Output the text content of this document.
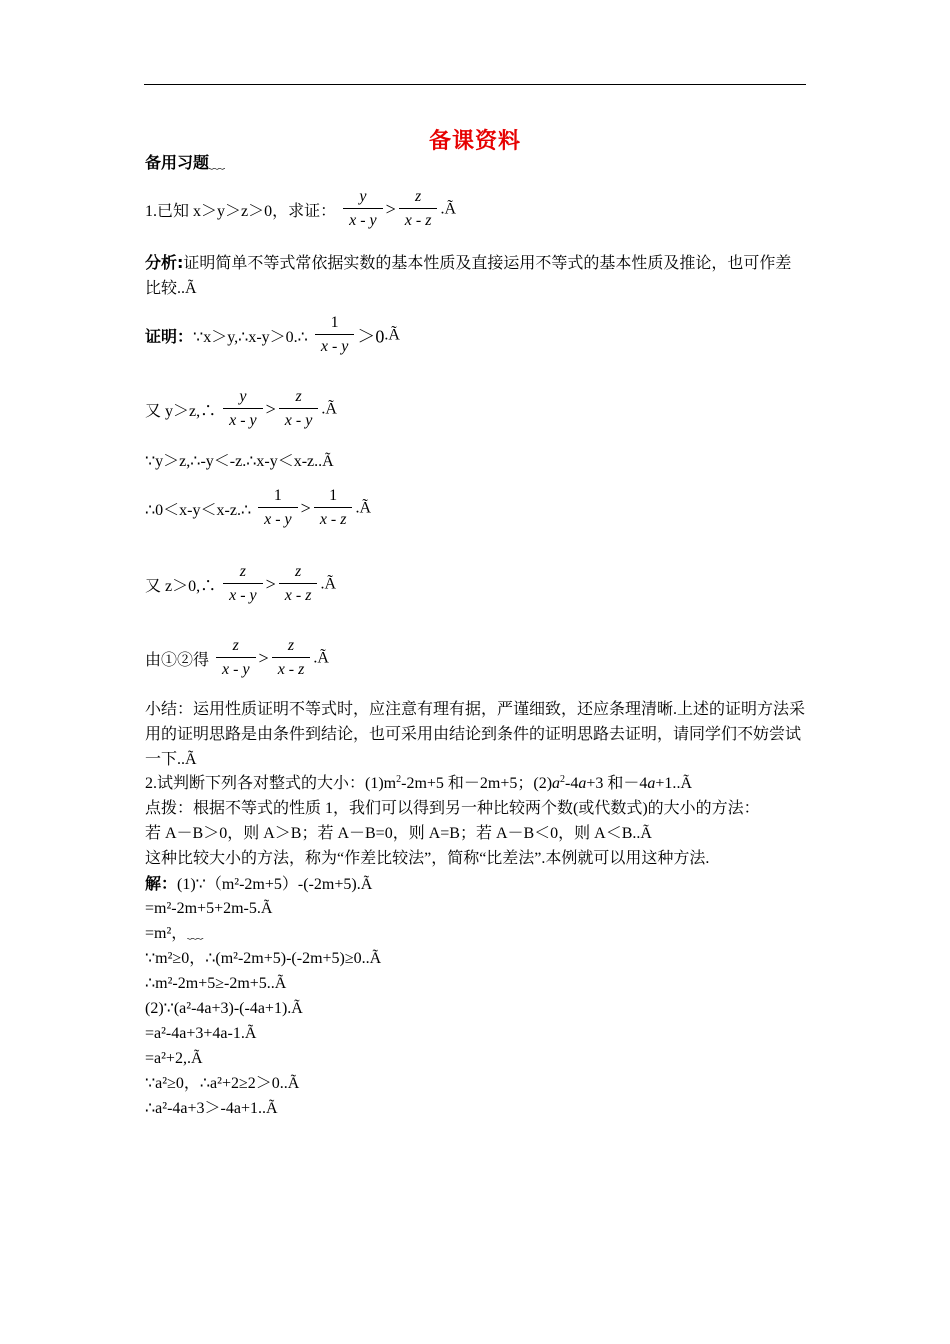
备课资料
备用习题﹏
1.已知 x＞y＞z＞0，求证： $\frac{y}{x - y} > \frac{z}{x - z}$ .Ã
分析:证明简单不等式常依据实数的基本性质及直接运用不等式的基本性质及推论，也可作差比较..Ã
证明：∵x＞y,∴x-y＞0.∴ $\frac{1}{x - y}$ ＞0.Ã
又 y＞z,∴ $\frac{y}{x - y} > \frac{z}{x - y}$ .Ã
∵y＞z,∴-y＜-z.∴x-y＜x-z..Ã
∴0＜x-y＜x-z.∴ $\frac{1}{x - y} > \frac{1}{x - z}$ .Ã
又 z＞0,∴ $\frac{z}{x - y} > \frac{z}{x - z}$ .Ã
由①②得 $\frac{z}{x - y} > \frac{z}{x - z}$ .Ã
小结：运用性质证明不等式时，应注意有理有据，严谨细致，还应条理清晰.上述的证明方法采用的证明思路是由条件到结论，也可采用由结论到条件的证明思路去证明，请同学们不妨尝试一下..Ã
2.试判断下列各对整式的大小：$(1)m^2-2m+5$ 和－2m+5；$(2)a^2-4a+3$ 和－4a+1..Ã
点拨：根据不等式的性质 1，我们可以得到另一种比较两个数(或代数式)的大小的方法：
若 A－B＞0，则 A＞B；若 A－B=0，则 A=B；若 A－B＜0，则 A＜B..Ã
这种比较大小的方法，称为“作差比较法”，简称“比差法”.本例就可以用这种方法.
解：(1)∵（m²-2m+5）-(-2m+5).Ã
=m²-2m+5+2m-5.Ã
=m²，﹏
∵m²≥0，∴(m²-2m+5)-(-2m+5)≥0..Ã
∴m²-2m+5≥-2m+5..Ã
(2)∵(a²-4a+3)-(-4a+1).Ã
=a²-4a+3+4a-1.Ã
=a²+2,.Ã
∵a²≥0，∴a²+2≥2＞0..Ã
∴a²-4a+3＞-4a+1..Ã
